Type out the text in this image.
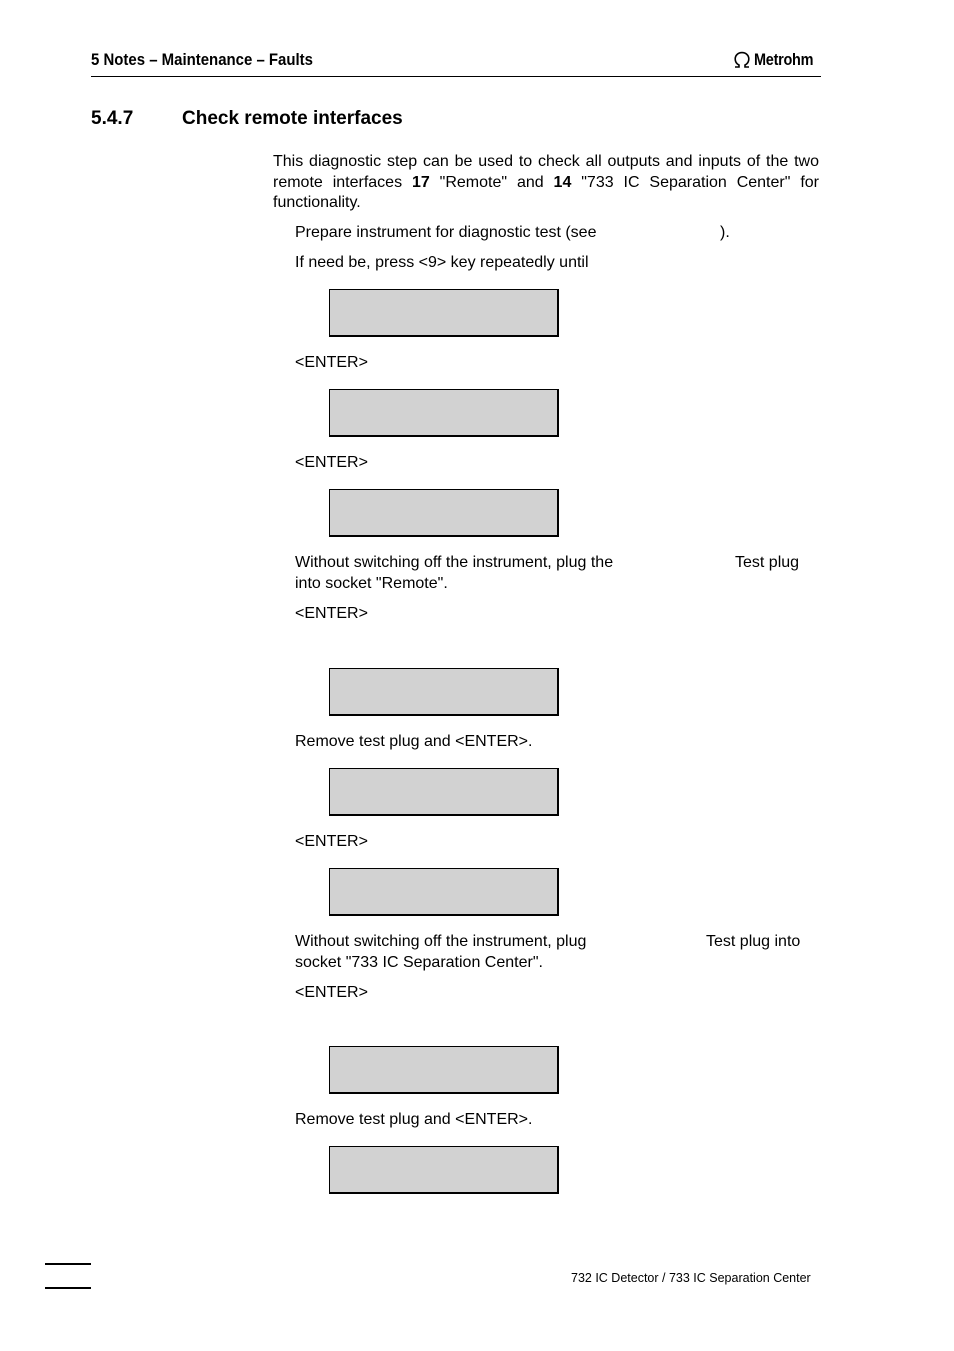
5 Notes – Maintenance – Faults	Metrohm
5.4.7	Check remote interfaces
This diagnostic step can be used to check all outputs and inputs of the two remote interfaces 17 "Remote" and 14 "733 IC Separation Center" for functionality.
Prepare instrument for diagnostic test (see	).
If need be, press <9> key repeatedly until
<ENTER>
<ENTER>
Without switching off the instrument, plug the	Test plug
into socket "Remote".
<ENTER>
Remove test plug and <ENTER>.
<ENTER>
Without switching off the instrument, plug	Test plug into
socket "733 IC Separation Center".
<ENTER>
Remove test plug and <ENTER>.
732 IC Detector / 733 IC Separation Center
